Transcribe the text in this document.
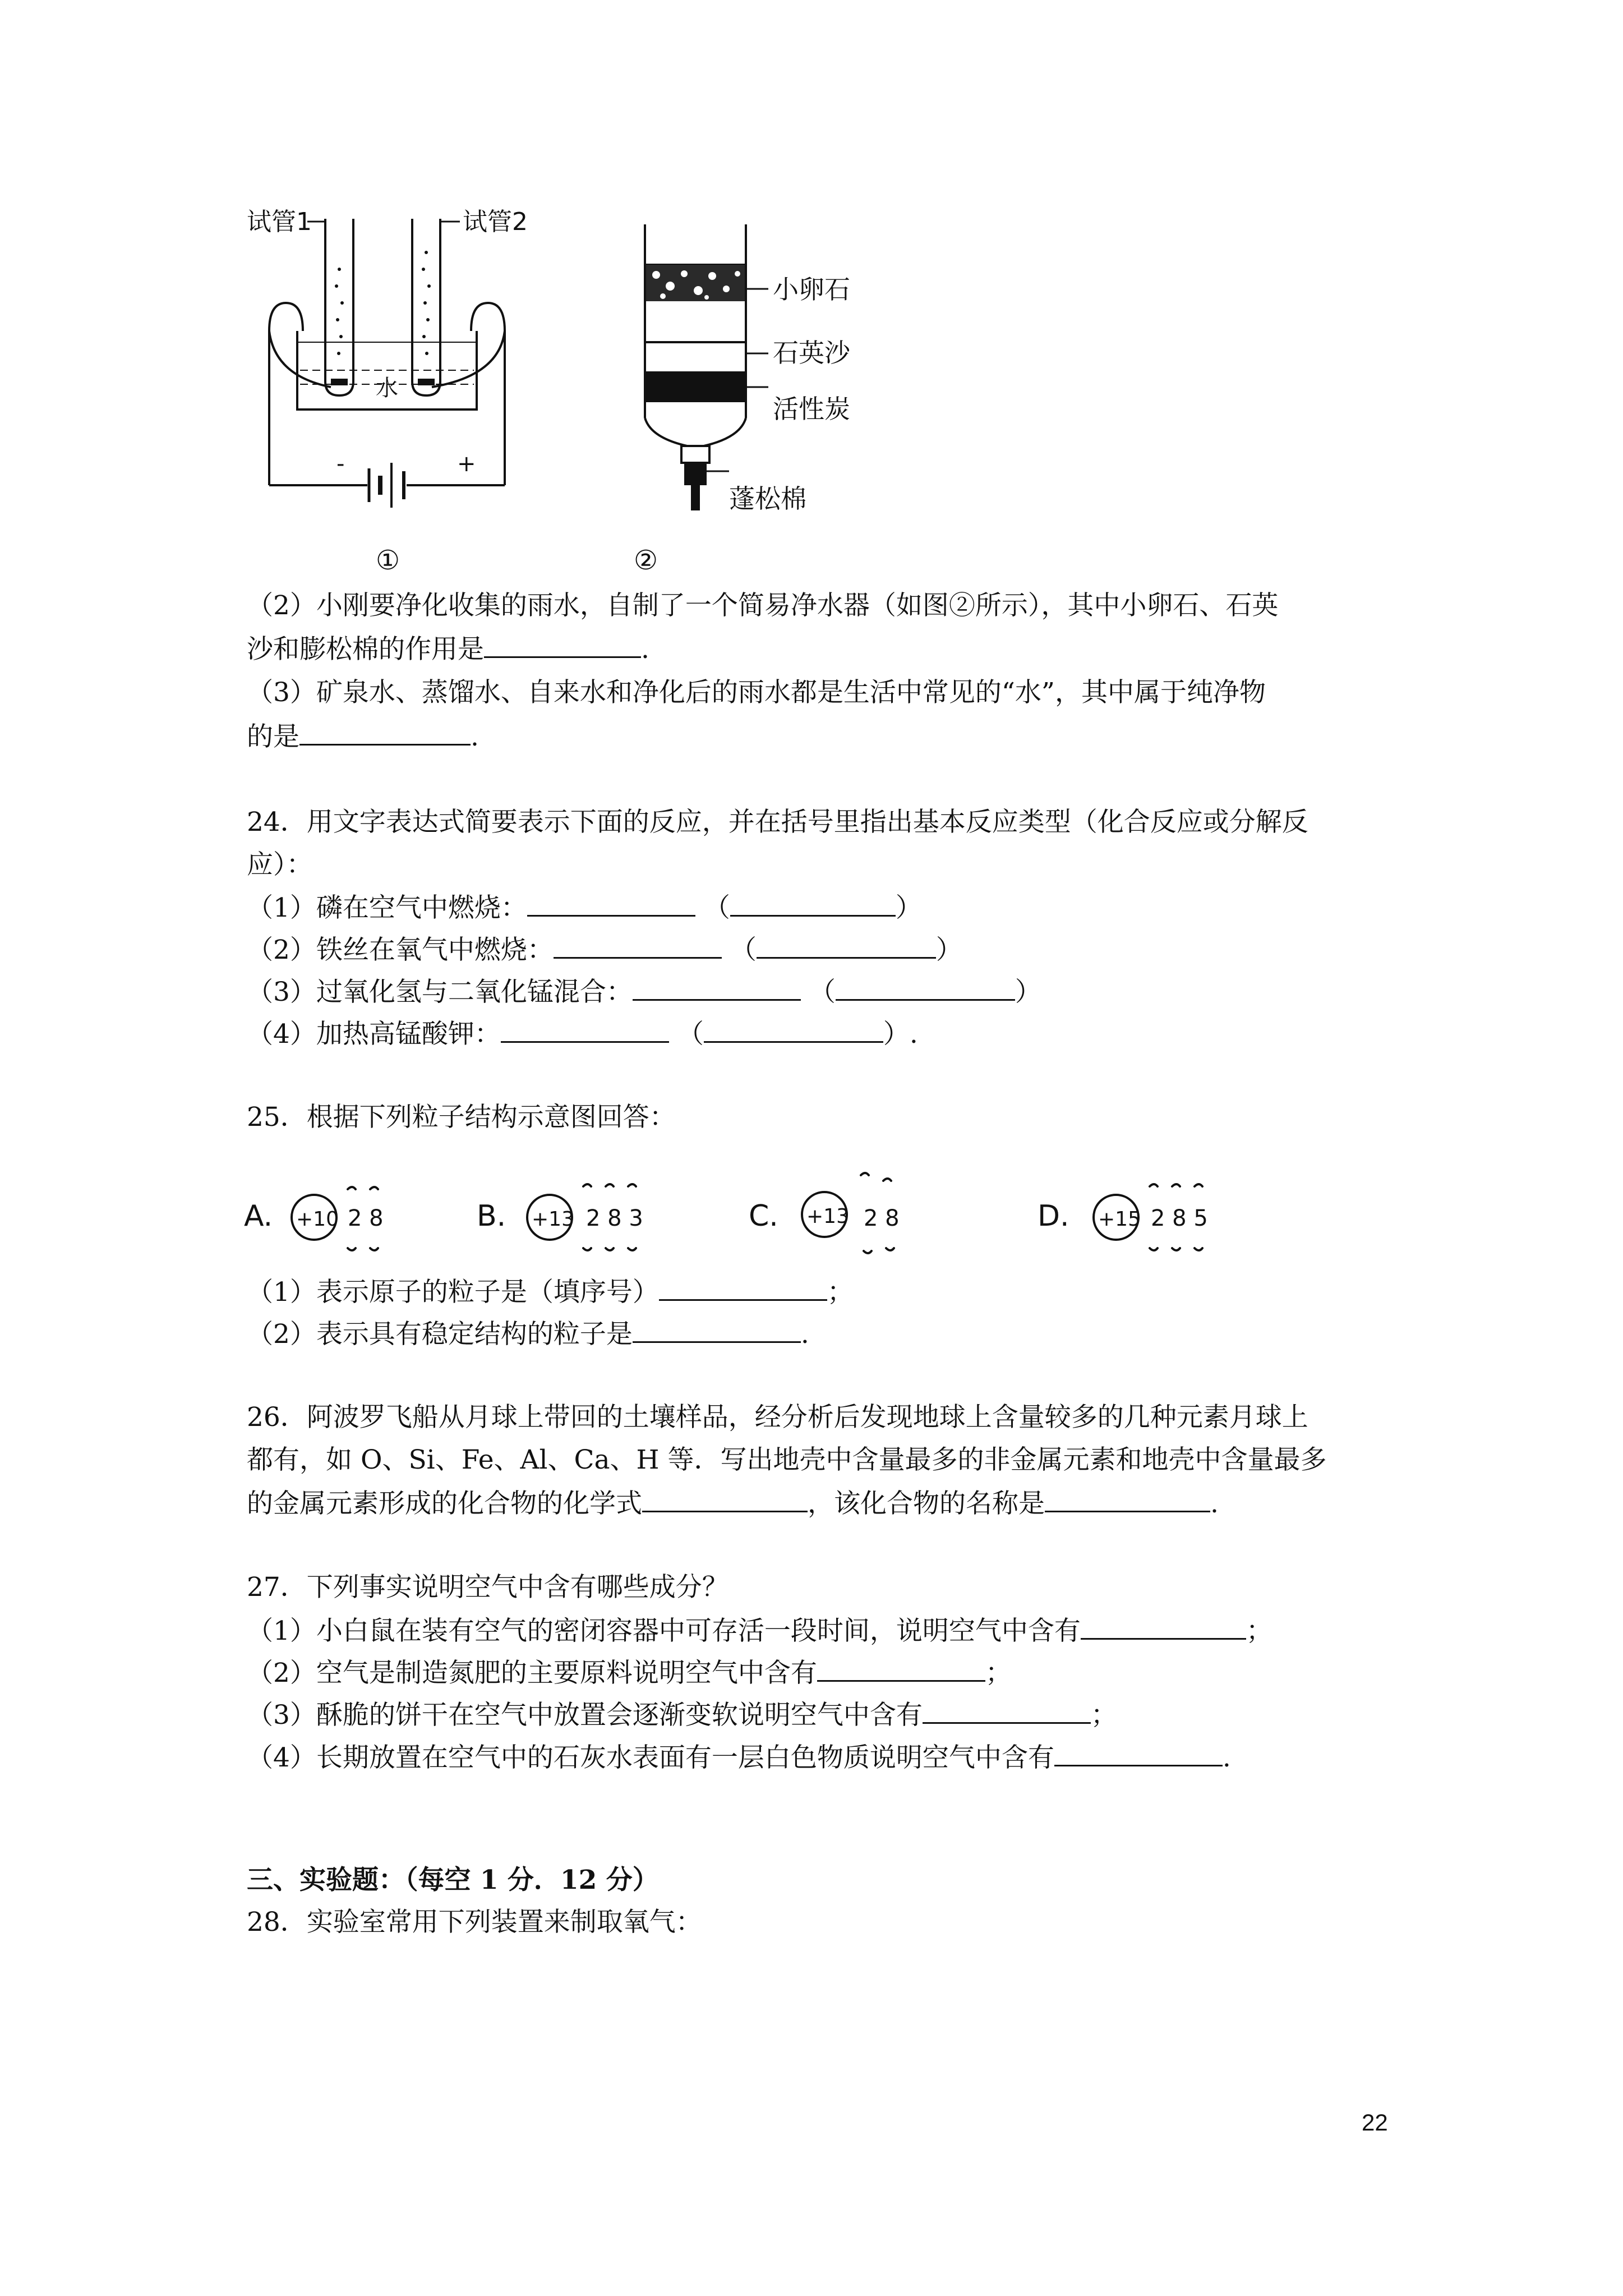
试管1	试管2
水
-	+
①
小卵石
石英沙
活性炭
蓬松棉
②
（2）小刚要净化收集的雨水，自制了一个简易净水器（如图②所示），其中小卵石、石英
沙和膨松棉的作用是	.
（3）矿泉水、蒸馏水、自来水和净化后的雨水都是生活中常见的“水”，其中属于纯净物
的是	.
24．用文字表达式简要表示下面的反应，并在括号里指出基本反应类型（化合反应或分解反
应）：
（1）磷在空气中燃烧：	（	）
（2）铁丝在氧气中燃烧：	（	）
（3）过氧化氢与二氧化锰混合：	（	）
（4）加热高锰酸钾：	（	）.
25．根据下列粒子结构示意图回答：
A. +10 2 8	B. +13 2 8 3	C. +13 2 8	D. +15 2 8 5
（1）表示原子的粒子是（填序号）	；
（2）表示具有稳定结构的粒子是	.
26．阿波罗飞船从月球上带回的土壤样品，经分析后发现地球上含量较多的几种元素月球上
都有，如 O、Si、Fe、Al、Ca、H 等．写出地壳中含量最多的非金属元素和地壳中含量最多
的金属元素形成的化合物的化学式	，该化合物的名称是	.
27．下列事实说明空气中含有哪些成分？
（1）小白鼠在装有空气的密闭容器中可存活一段时间，说明空气中含有	；
（2）空气是制造氮肥的主要原料说明空气中含有	；
（3）酥脆的饼干在空气中放置会逐渐变软说明空气中含有	；
（4）长期放置在空气中的石灰水表面有一层白色物质说明空气中含有	.
三、实验题：（每空 1 分．12 分）
28．实验室常用下列装置来制取氧气：
22
